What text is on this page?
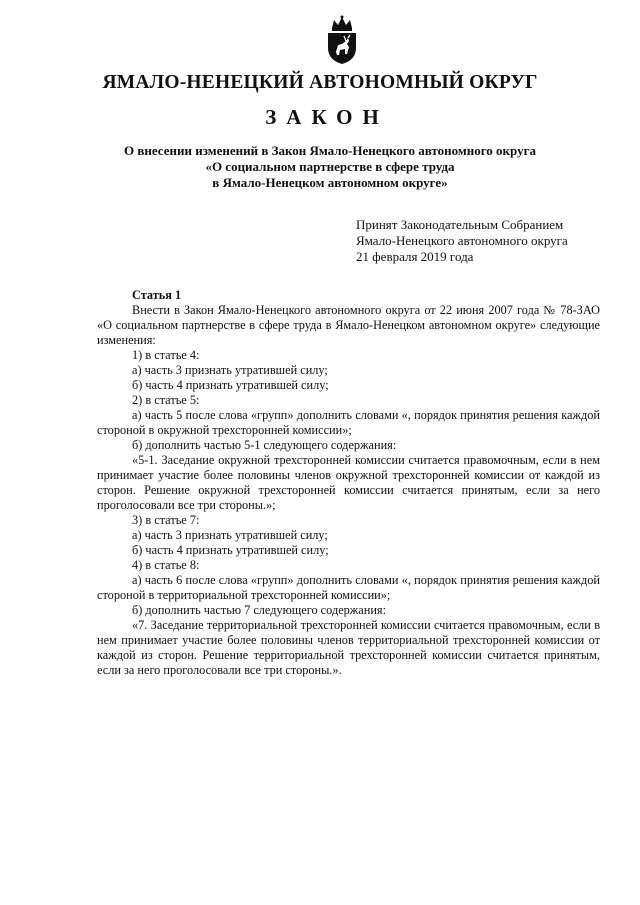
ЯМАЛО-НЕНЕЦКИЙ АВТОНОМНЫЙ ОКРУГ
ЗАКОН
О внесении изменений в Закон Ямало-Ненецкого автономного округа
«О социальном партнерстве в сфере труда
в Ямало-Ненецком автономном округе»
Принят Законодательным Собранием
Ямало-Ненецкого автономного округа
21 февраля 2019 года
Статья 1

Внести в Закон Ямало-Ненецкого автономного округа от 22 июня 2007 года № 78-ЗАО «О социальном партнерстве в сфере труда в Ямало-Ненецком автономном округе» следующие изменения:

1) в статье 4:

а) часть 3 признать утратившей силу;

б) часть 4 признать утратившей силу;

2) в статье 5:

а) часть 5 после слова «групп» дополнить словами «, порядок принятия решения каждой стороной в окружной трехсторонней комиссии»;

б) дополнить частью 5-1 следующего содержания:

«5-1. Заседание окружной трехсторонней комиссии считается правомочным, если в нем принимает участие более половины членов окружной трехсторонней комиссии от каждой из сторон. Решение окружной трехсторонней комиссии считается принятым, если за него проголосовали все три стороны.»;

3) в статье 7:

а) часть 3 признать утратившей силу;

б) часть 4 признать утратившей силу;

4) в статье 8:

а) часть 6 после слова «групп» дополнить словами «, порядок принятия решения каждой стороной в территориальной трехсторонней комиссии»;

б) дополнить частью 7 следующего содержания:

«7. Заседание территориальной трехсторонней комиссии считается правомочным, если в нем принимает участие более половины членов территориальной трехсторонней комиссии от каждой из сторон. Решение территориальной трехсторонней комиссии считается принятым, если за него проголосовали все три стороны.».
